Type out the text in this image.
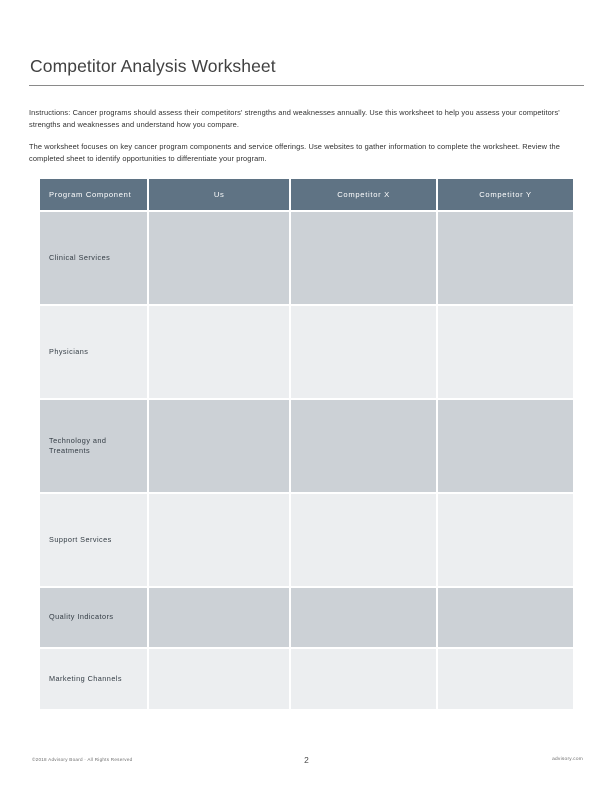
Competitor Analysis Worksheet

Instructions: Cancer programs should assess their competitors' strengths and weaknesses annually. Use this worksheet to help you assess your competitors' strengths and weaknesses and understand how you compare.

The worksheet focuses on key cancer program components and service offerings. Use websites to gather information to complete the worksheet. Review the completed sheet to identify opportunities to differentiate your program.

Program Component	Us	Competitor X	Competitor Y
Clinical Services
Physicians
Technology and Treatments
Support Services
Quality Indicators
Marketing Channels
©2018 Advisory Board · All Rights Reserved	2	advisory.com
